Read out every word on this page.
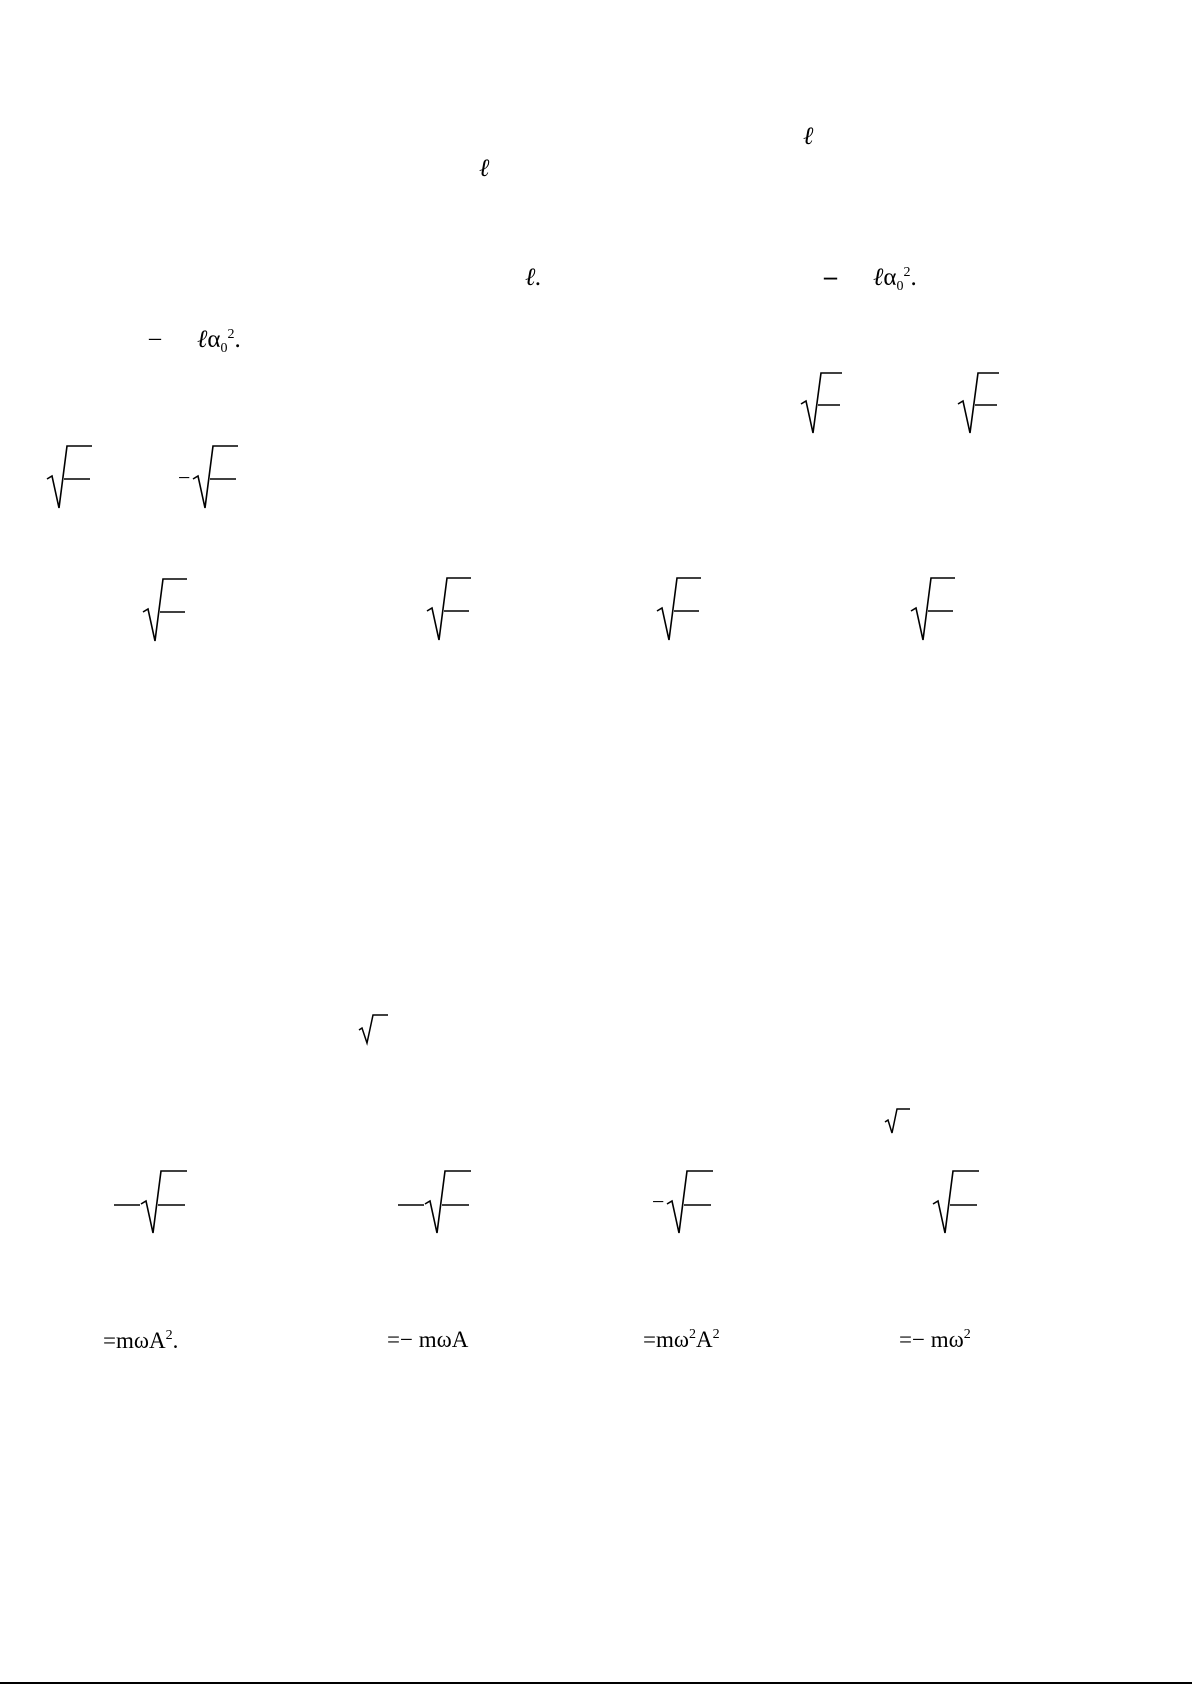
ℓ
ℓ
ℓ.	– ℓα$_0^2$.
– ℓα$_0^2$.
−
−
=mωA$^2$.	=− mωA	$=m\omega^2A^2$	=− $m\omega^2$
